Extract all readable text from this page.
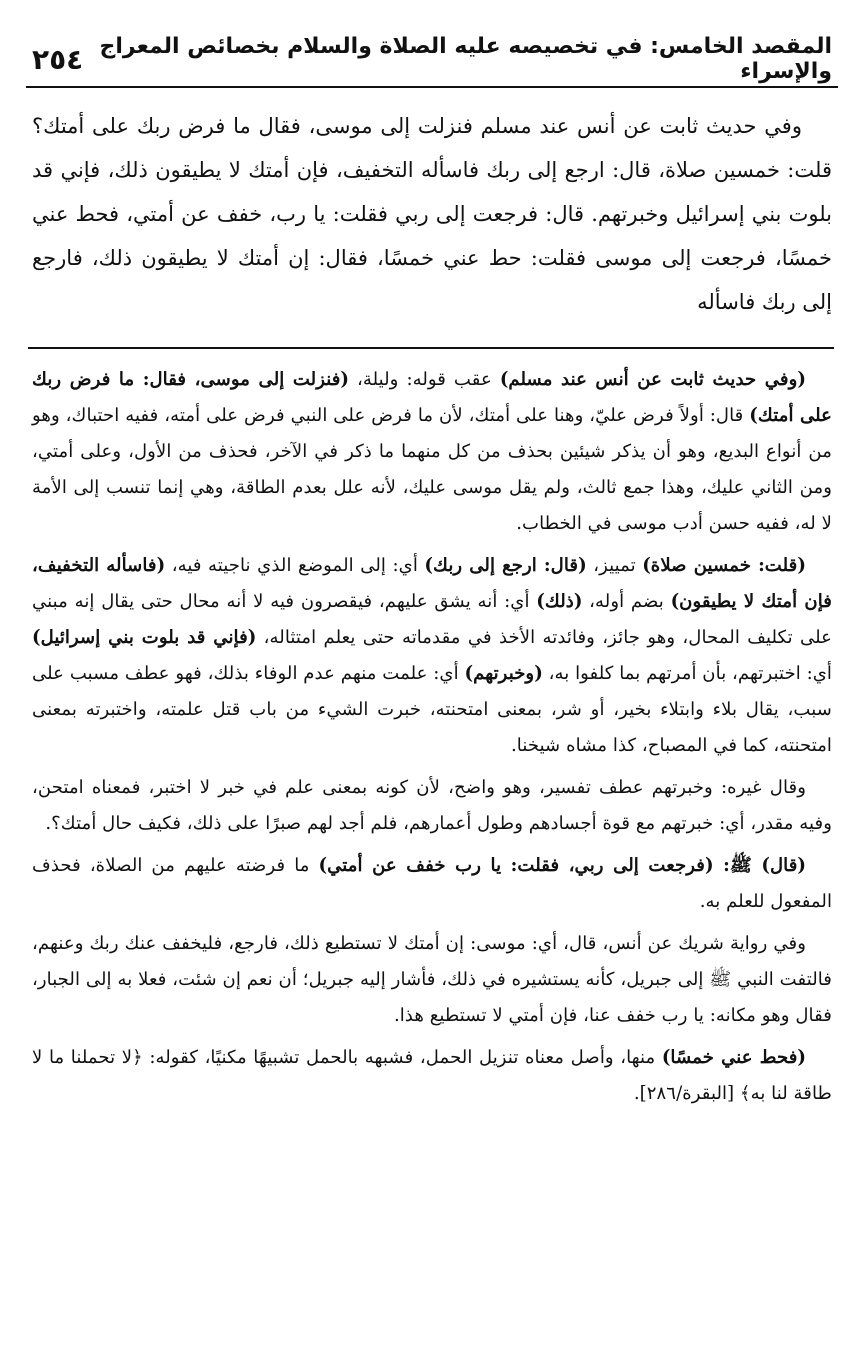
المقصد الخامس: في تخصيصه عليه الصلاة والسلام بخصائص المعراج والإسراء
٢٥٤

وفي حديث ثابت عن أنس عند مسلم فنزلت إلى موسى، فقال ما فرض ربك على أمتك؟ قلت: خمسين صلاة، قال: ارجع إلى ربك فاسأله التخفيف، فإن أمتك لا يطيقون ذلك، فإني قد بلوت بني إسرائيل وخبرتهم. قال: فرجعت إلى ربي فقلت: يا رب، خفف عن أمتي، فحط عني خمسًا، فرجعت إلى موسى فقلت: حط عني خمسًا، فقال: إن أمتك لا يطيقون ذلك، فارجع إلى ربك فاسأله

(وفي حديث ثابت عن أنس عند مسلم) عقب قوله: وليلة، (فنزلت إلى موسى، فقال: ما فرض ربك على أمتك) قال: أولاً فرض عليّ، وهنا على أمتك، لأن ما فرض على النبي فرض على أمته، ففيه احتباك، وهو من أنواع البديع، وهو أن يذكر شيئين بحذف من كل منهما ما ذكر في الآخر، فحذف من الأول، وعلى أمتي، ومن الثاني عليك، وهذا جمع ثالث، ولم يقل موسى عليك، لأنه علل بعدم الطاقة، وهي إنما تنسب إلى الأمة لا له، ففيه حسن أدب موسى في الخطاب.

(قلت: خمسين صلاة) تمييز، (قال: ارجع إلى ربك) أي: إلى الموضع الذي ناجيته فيه، (فاسأله التخفيف، فإن أمتك لا يطيقون) بضم أوله، (ذلك) أي: أنه يشق عليهم، فيقصرون فيه لا أنه محال حتى يقال إنه مبني على تكليف المحال، وهو جائز، وفائدته الأخذ في مقدماته حتى يعلم امتثاله، (فإني قد بلوت بني إسرائيل) أي: اختبرتهم، بأن أمرتهم بما كلفوا به، (وخبرتهم) أي: علمت منهم عدم الوفاء بذلك، فهو عطف مسبب على سبب، يقال بلاء وابتلاء بخير، أو شر، بمعنى امتحنته، خبرت الشيء من باب قتل علمته، واختبرته بمعنى امتحنته، كما في المصباح، كذا مشاه شيخنا.

وقال غيره: وخبرتهم عطف تفسير، وهو واضح، لأن كونه بمعنى علم في خبر لا اختبر، فمعناه امتحن، وفيه مقدر، أي: خبرتهم مع قوة أجسادهم وطول أعمارهم، فلم أجد لهم صبرًا على ذلك، فكيف حال أمتك؟.

(قال) ﷺ: (فرجعت إلى ربي، فقلت: يا رب خفف عن أمتي) ما فرضته عليهم من الصلاة، فحذف المفعول للعلم به.

وفي رواية شريك عن أنس، قال، أي: موسى: إن أمتك لا تستطيع ذلك، فارجع، فليخفف عنك ربك وعنهم، فالتفت النبي ﷺ إلى جبريل، كأنه يستشيره في ذلك، فأشار إليه جبريل؛ أن نعم إن شئت، فعلا به إلى الجبار، فقال وهو مكانه: يا رب خفف عنا، فإن أمتي لا تستطيع هذا.

(فحط عني خمسًا) منها، وأصل معناه تنزيل الحمل، فشبهه بالحمل تشبيهًا مكنيًا، كقوله: ﴿لا تحملنا ما لا طاقة لنا به﴾ [البقرة/٢٨٦].
